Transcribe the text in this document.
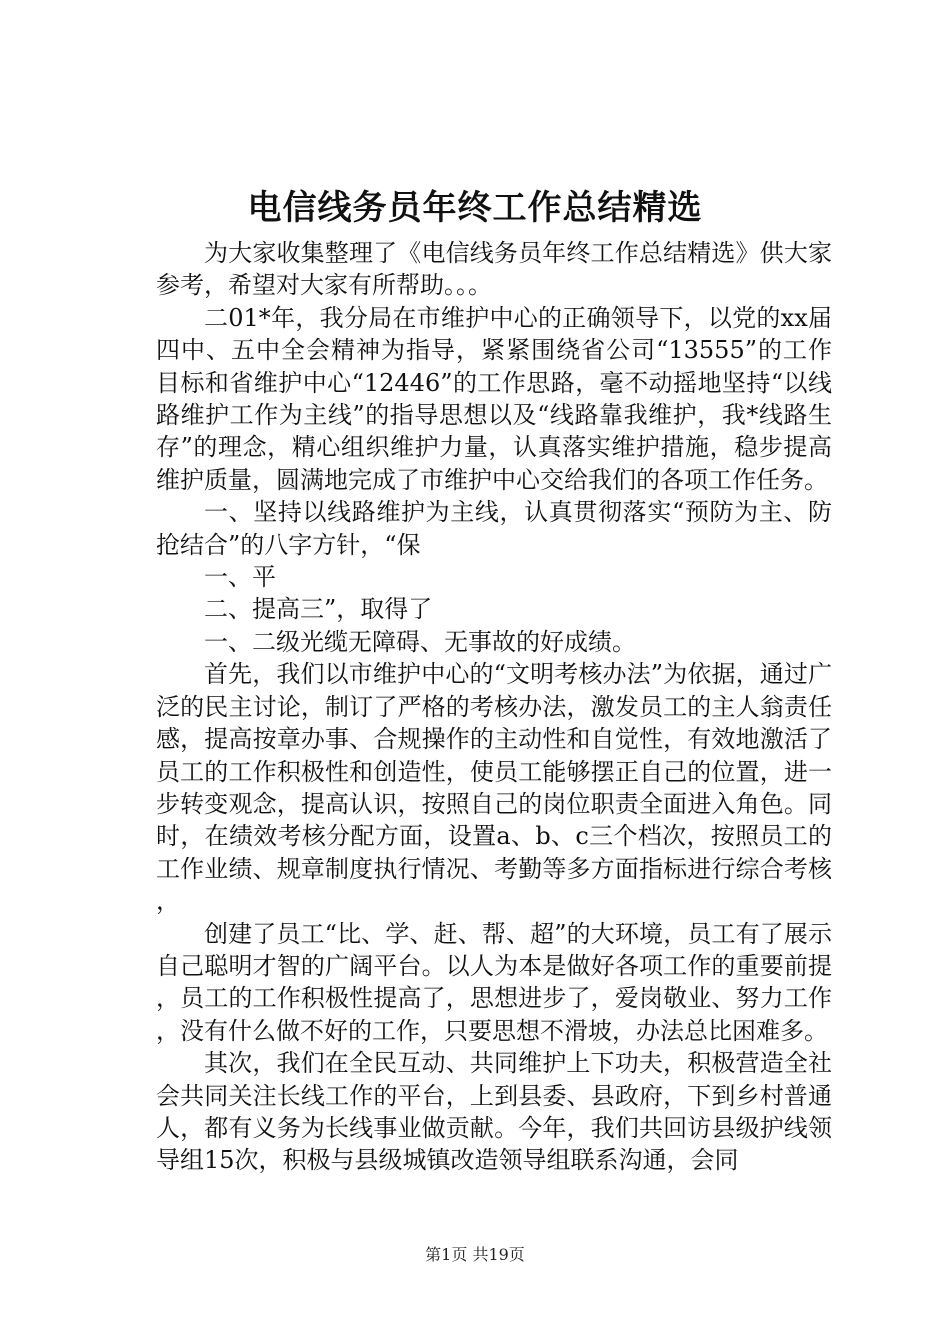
电信线务员年终工作总结精选

为大家收集整理了《电信线务员年终工作总结精选》供大家参考，希望对大家有所帮助。。。

二01*年，我分局在市维护中心的正确领导下，以党的xx届四中、五中全会精神为指导，紧紧围绕省公司“13555”的工作目标和省维护中心“12446”的工作思路，毫不动摇地坚持“以线路维护工作为主线”的指导思想以及“线路靠我维护，我*线路生存”的理念，精心组织维护力量，认真落实维护措施，稳步提高维护质量，圆满地完成了市维护中心交给我们的各项工作任务。

一、坚持以线路维护为主线，认真贯彻落实“预防为主、防抢结合”的八字方针，“保

一、平

二、提高三”，取得了

一、二级光缆无障碍、无事故的好成绩。

首先，我们以市维护中心的“文明考核办法”为依据，通过广泛的民主讨论，制订了严格的考核办法，激发员工的主人翁责任感，提高按章办事、合规操作的主动性和自觉性，有效地激活了员工的工作积极性和创造性，使员工能够摆正自己的位置，进一步转变观念，提高认识，按照自己的岗位职责全面进入角色。同时，在绩效考核分配方面，设置a、b、c三个档次，按照员工的工作业绩、规章制度执行情况、考勤等多方面指标进行综合考核，

创建了员工“比、学、赶、帮、超”的大环境，员工有了展示自己聪明才智的广阔平台。以人为本是做好各项工作的重要前提，员工的工作积极性提高了，思想进步了，爱岗敬业、努力工作，没有什么做不好的工作，只要思想不滑坡，办法总比困难多。

其次，我们在全民互动、共同维护上下功夫，积极营造全社会共同关注长线工作的平台，上到县委、县政府，下到乡村普通人，都有义务为长线事业做贡献。今年，我们共回访县级护线领导组15次，积极与县级城镇改造领导组联系沟通，会同

第1页 共19页
